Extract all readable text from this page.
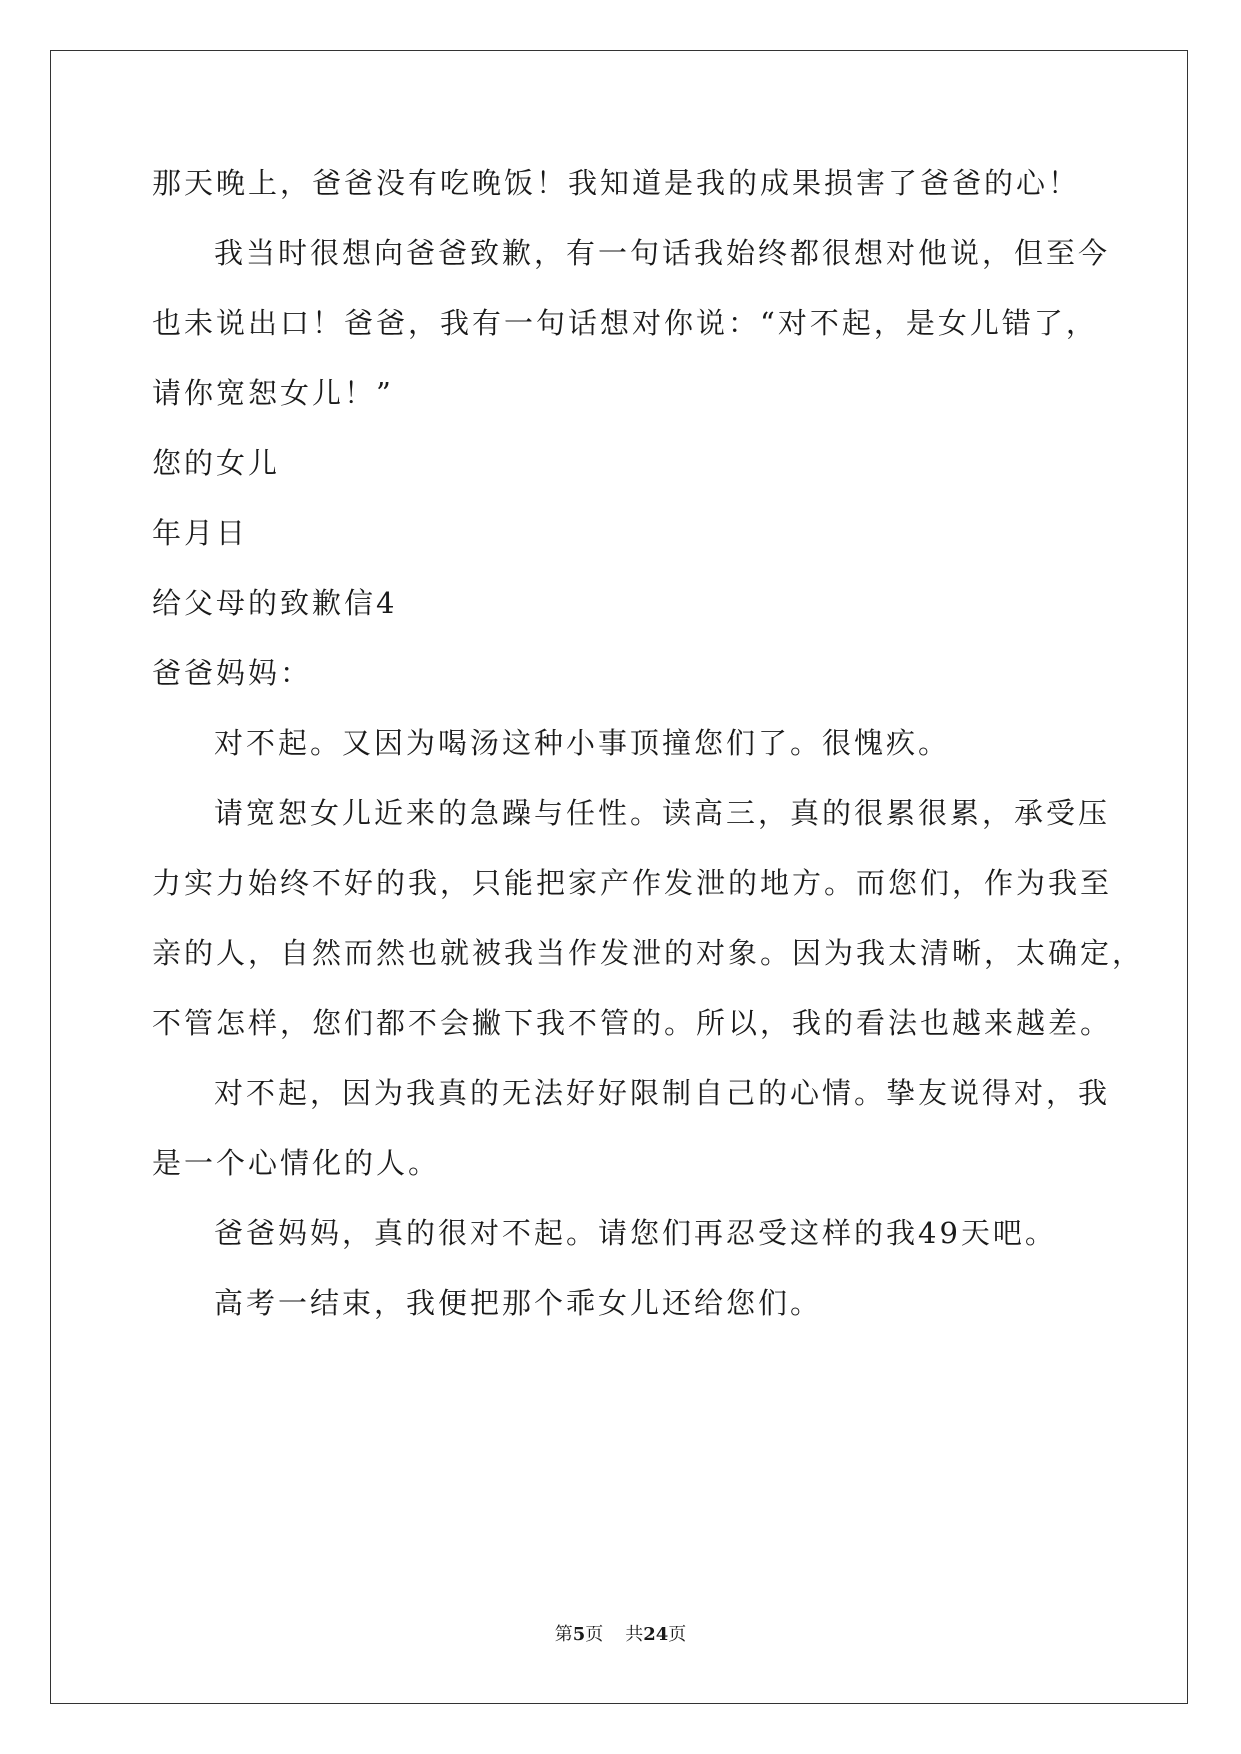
那天晚上，爸爸没有吃晚饭！我知道是我的成果损害了爸爸的心！
我当时很想向爸爸致歉，有一句话我始终都很想对他说，但至今
也未说出口！爸爸，我有一句话想对你说：“对不起，是女儿错了，
请你宽恕女儿！”
您的女儿
年月日
给父母的致歉信4
爸爸妈妈：
对不起。又因为喝汤这种小事顶撞您们了。很愧疚。
请宽恕女儿近来的急躁与任性。读高三，真的很累很累，承受压
力实力始终不好的我，只能把家产作发泄的地方。而您们，作为我至
亲的人，自然而然也就被我当作发泄的对象。因为我太清晰，太确定，
不管怎样，您们都不会撇下我不管的。所以，我的看法也越来越差。
对不起，因为我真的无法好好限制自己的心情。挚友说得对，我
是一个心情化的人。
爸爸妈妈，真的很对不起。请您们再忍受这样的我49天吧。
高考一结束，我便把那个乖女儿还给您们。
第5页 共24页
